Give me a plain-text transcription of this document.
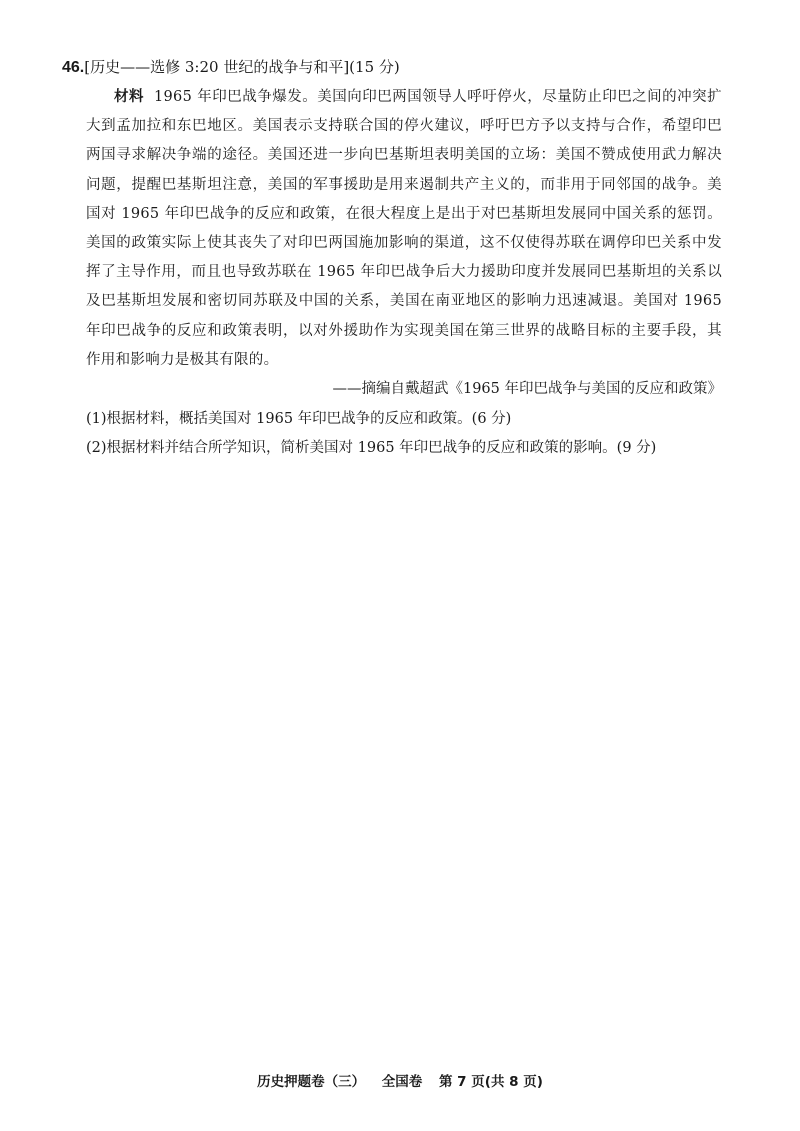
46.[历史——选修 3:20 世纪的战争与和平](15 分)
材料 1965 年印巴战争爆发。美国向印巴两国领导人呼吁停火，尽量防止印巴之间的冲突扩大到孟加拉和东巴地区。美国表示支持联合国的停火建议，呼吁巴方予以支持与合作，希望印巴两国寻求解决争端的途径。美国还进一步向巴基斯坦表明美国的立场：美国不赞成使用武力解决问题，提醒巴基斯坦注意，美国的军事援助是用来遏制共产主义的，而非用于同邻国的战争。美国对 1965 年印巴战争的反应和政策，在很大程度上是出于对巴基斯坦发展同中国关系的惩罚。美国的政策实际上使其丧失了对印巴两国施加影响的渠道，这不仅使得苏联在调停印巴关系中发挥了主导作用，而且也导致苏联在 1965 年印巴战争后大力援助印度并发展同巴基斯坦的关系以及巴基斯坦发展和密切同苏联及中国的关系，美国在南亚地区的影响力迅速减退。美国对 1965 年印巴战争的反应和政策表明，以对外援助作为实现美国在第三世界的战略目标的主要手段，其作用和影响力是极其有限的。
——摘编自戴超武《1965 年印巴战争与美国的反应和政策》
(1)根据材料，概括美国对 1965 年印巴战争的反应和政策。(6 分)
(2)根据材料并结合所学知识，简析美国对 1965 年印巴战争的反应和政策的影响。(9 分)
历史押题卷（三） 全国卷 第 7 页(共 8 页)
